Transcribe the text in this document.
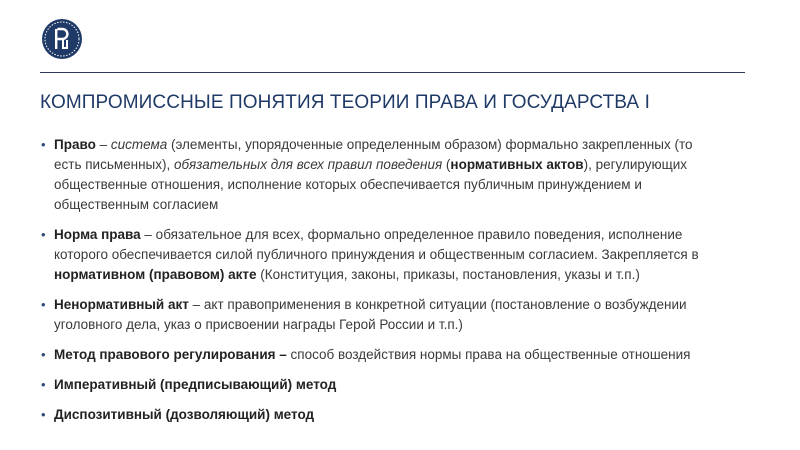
КОМПРОМИССНЫЕ ПОНЯТИЯ ТЕОРИИ ПРАВА И ГОСУДАРСТВА I
• Право – система (элементы, упорядоченные определенным образом) формально закрепленных (то есть письменных), обязательных для всех правил поведения (нормативных актов), регулирующих общественные отношения, исполнение которых обеспечивается публичным принуждением и общественным согласием
• Норма права – обязательное для всех, формально определенное правило поведения, исполнение которого обеспечивается силой публичного принуждения и общественным согласием. Закрепляется в нормативном (правовом) акте (Конституция, законы, приказы, постановления, указы и т.п.)
• Ненормативный акт – акт правоприменения в конкретной ситуации (постановление о возбуждении уголовного дела, указ о присвоении награды Герой России и т.п.)
• Метод правового регулирования – способ воздействия нормы права на общественные отношения
• Императивный (предписывающий) метод
• Диспозитивный (дозволяющий) метод
